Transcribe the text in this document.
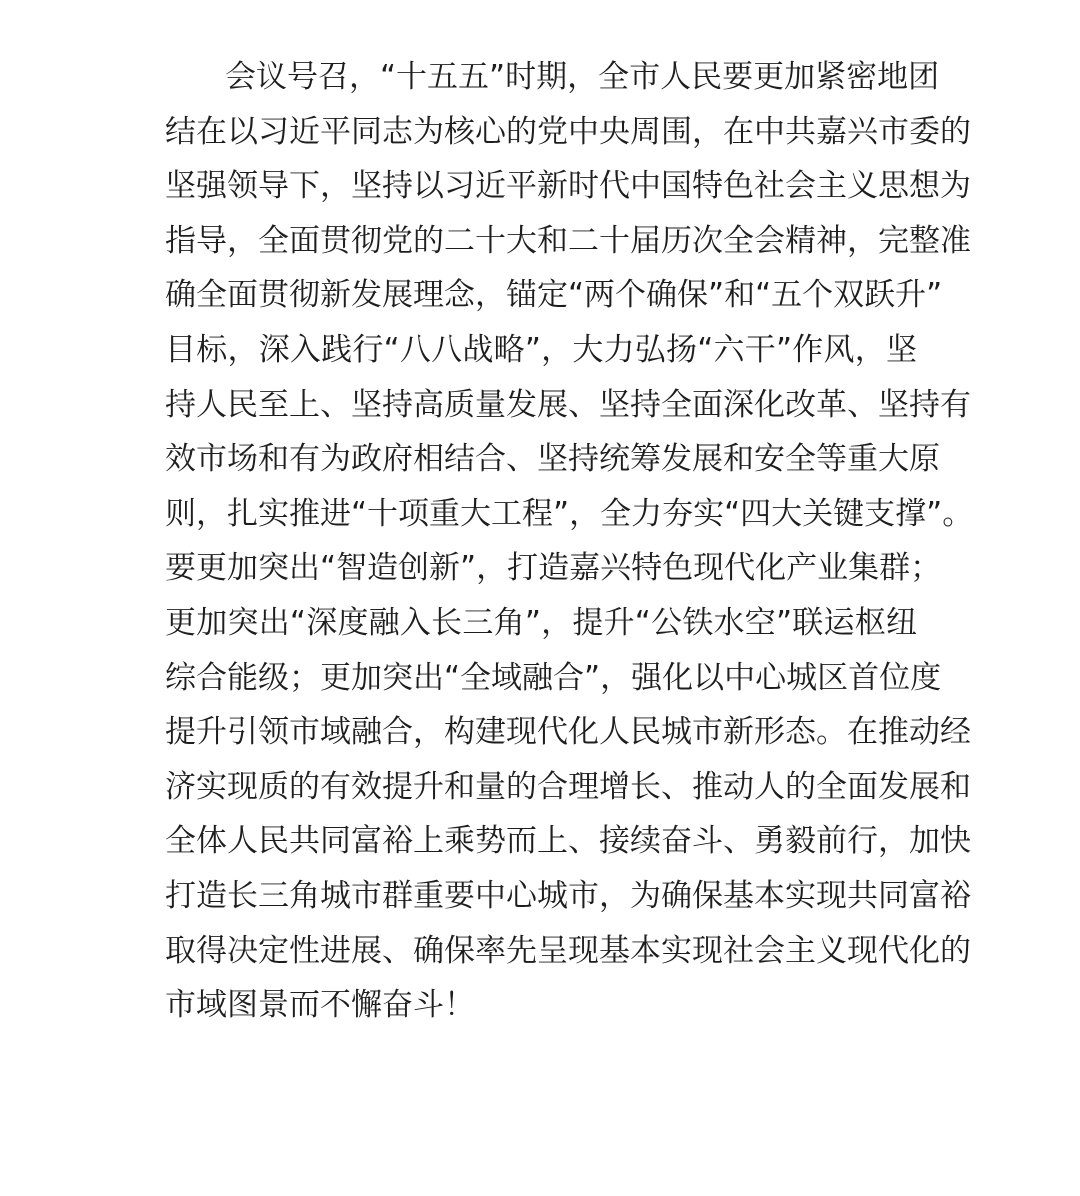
会议号召，“十五五”时期，全市人民要更加紧密地团
结在以习近平同志为核心的党中央周围，在中共嘉兴市委的
坚强领导下，坚持以习近平新时代中国特色社会主义思想为
指导，全面贯彻党的二十大和二十届历次全会精神，完整准
确全面贯彻新发展理念，锚定“两个确保”和“五个双跃升”
目标，深入践行“八八战略”，大力弘扬“六干”作风，坚
持人民至上、坚持高质量发展、坚持全面深化改革、坚持有
效市场和有为政府相结合、坚持统筹发展和安全等重大原
则，扎实推进“十项重大工程”，全力夯实“四大关键支撑”。
要更加突出“智造创新”，打造嘉兴特色现代化产业集群；
更加突出“深度融入长三角”，提升“公铁水空”联运枢纽
综合能级；更加突出“全域融合”，强化以中心城区首位度
提升引领市域融合，构建现代化人民城市新形态。在推动经
济实现质的有效提升和量的合理增长、推动人的全面发展和
全体人民共同富裕上乘势而上、接续奋斗、勇毅前行，加快
打造长三角城市群重要中心城市，为确保基本实现共同富裕
取得决定性进展、确保率先呈现基本实现社会主义现代化的
市域图景而不懈奋斗！
